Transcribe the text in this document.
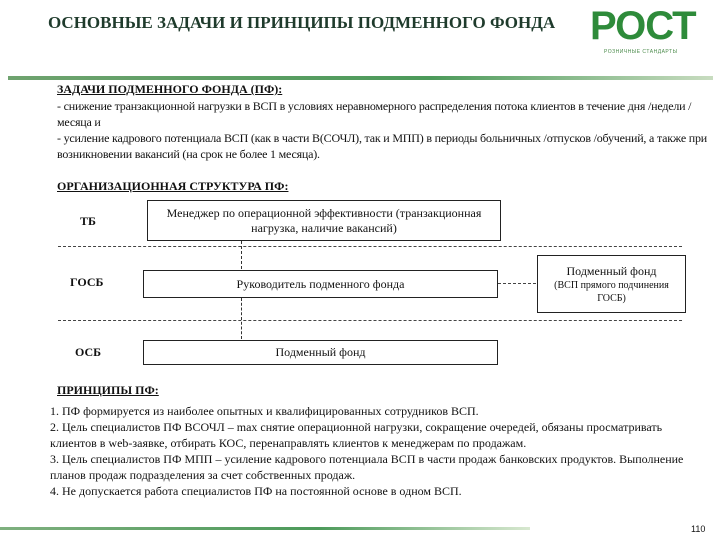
ОСНОВНЫЕ ЗАДАЧИ И ПРИНЦИПЫ ПОДМЕННОГО ФОНДА РОСТ
РОЗНИЧНЫЕ СТАНДАРТЫ
ЗАДАЧИ ПОДМЕННОГО ФОНДА (ПФ):
- снижение транзакционной нагрузки в ВСП в условиях неравномерного распределения потока клиентов в течение дня /недели /месяца и
- усиление кадрового потенциала ВСП (как в части В(СОЧЛ), так и МПП) в периоды больничных /отпусков /обучений, а также при возникновении вакансий (на срок не более 1 месяца).
ОРГАНИЗАЦИОННАЯ СТРУКТУРА ПФ:
ТБ
ГОСБ
ОСБ
Менеджер по операционной эффективности (транзакционная нагрузка, наличие вакансий)
Руководитель подменного фонда
Подменный фонд
(ВСП прямого подчинения ГОСБ)
Подменный фонд
ПРИНЦИПЫ ПФ:
1. ПФ формируется из наиболее опытных и квалифицированных сотрудников ВСП.
2. Цель специалистов ПФ ВСОЧЛ – max снятие операционной нагрузки, сокращение очередей, обязаны просматривать клиентов в web-заявке, отбирать КОС, перенаправлять клиентов к менеджерам по продажам.
3. Цель специалистов ПФ МПП – усиление кадрового потенциала ВСП в части продаж банковских продуктов. Выполнение планов продаж подразделения за счет собственных продаж.
4. Не допускается работа специалистов ПФ на постоянной основе в одном ВСП.
110
